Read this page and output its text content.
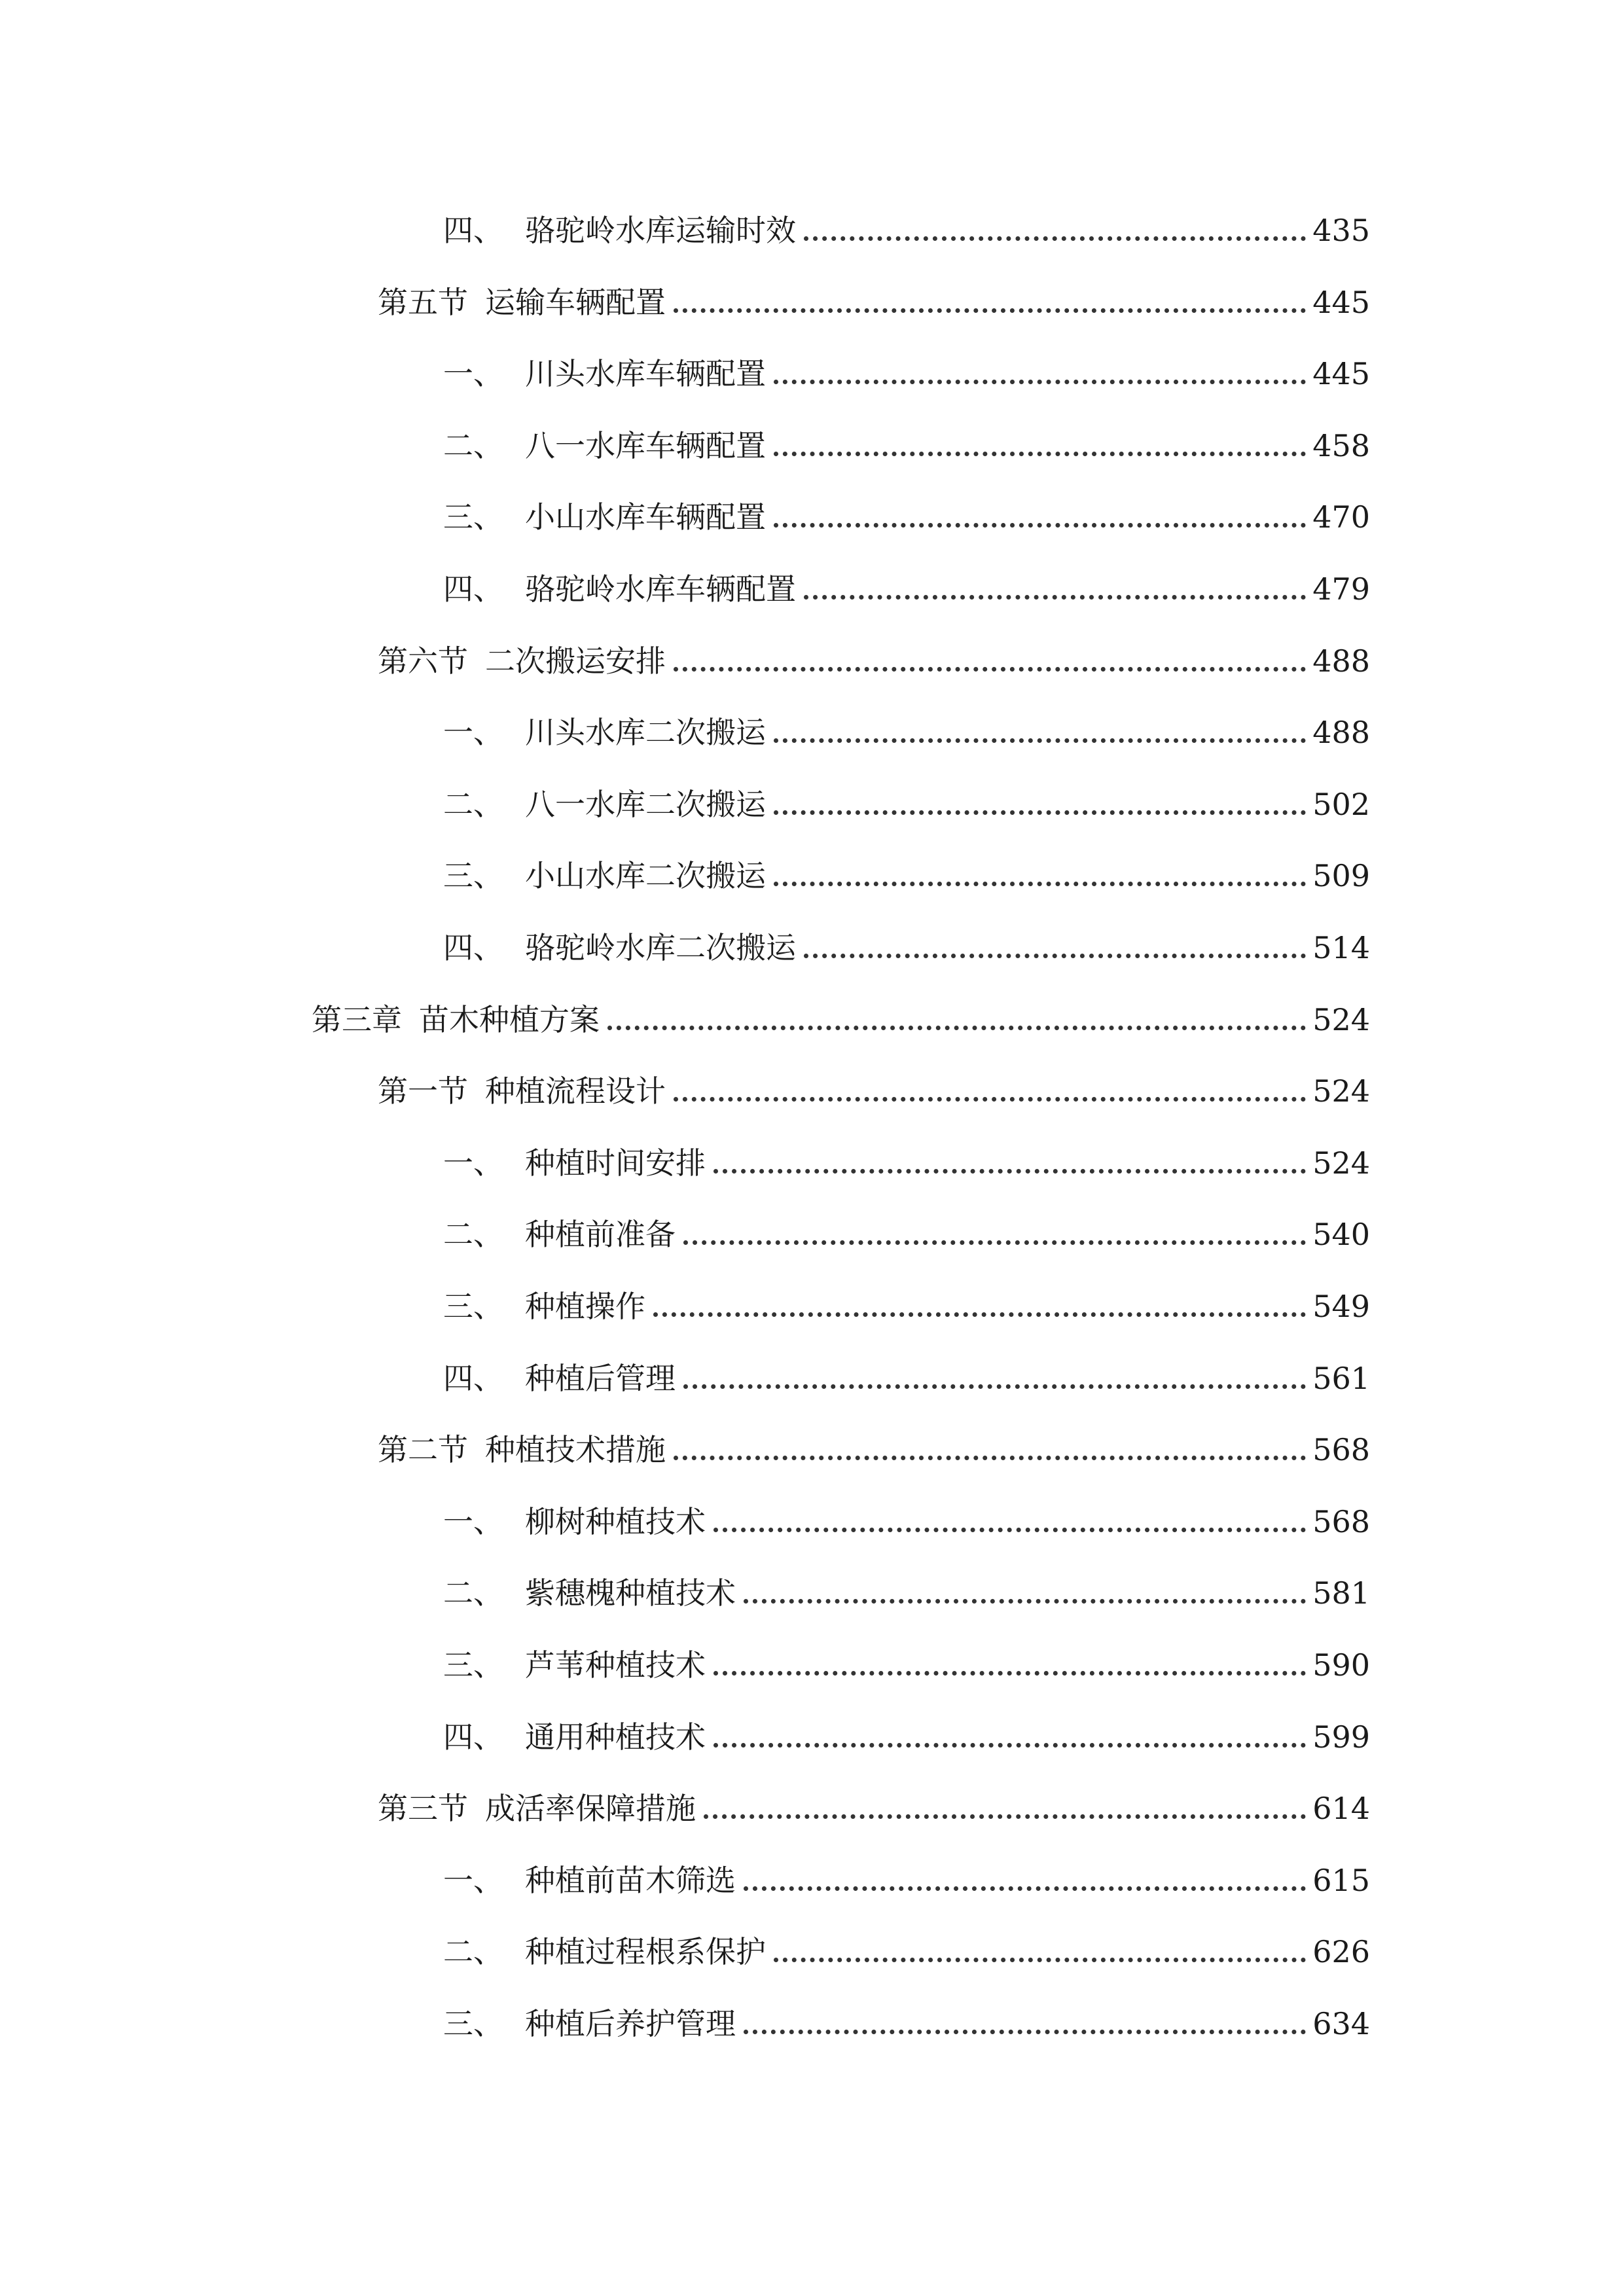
四、 骆驼岭水库运输时效	435
第五节 运输车辆配置	445
一、 川头水库车辆配置	445
二、 八一水库车辆配置	458
三、 小山水库车辆配置	470
四、 骆驼岭水库车辆配置	479
第六节 二次搬运安排	488
一、 川头水库二次搬运	488
二、 八一水库二次搬运	502
三、 小山水库二次搬运	509
四、 骆驼岭水库二次搬运	514
第三章 苗木种植方案	524
第一节 种植流程设计	524
一、 种植时间安排	524
二、 种植前准备	540
三、 种植操作	549
四、 种植后管理	561
第二节 种植技术措施	568
一、 柳树种植技术	568
二、 紫穗槐种植技术	581
三、 芦苇种植技术	590
四、 通用种植技术	599
第三节 成活率保障措施	614
一、 种植前苗木筛选	615
二、 种植过程根系保护	626
三、 种植后养护管理	634
